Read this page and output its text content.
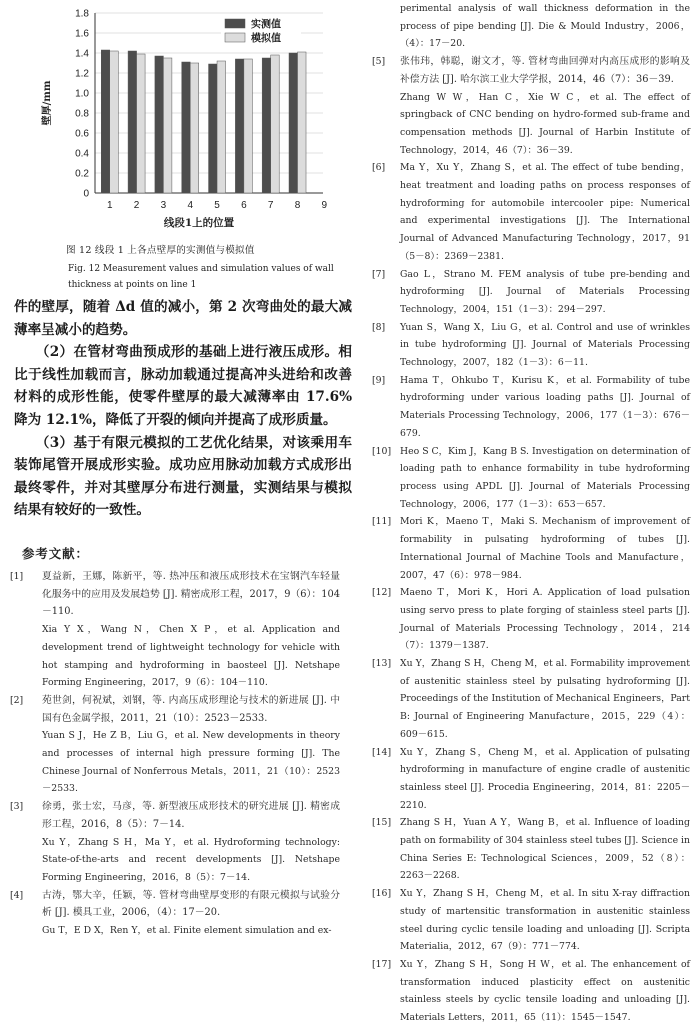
0
0.2
0.4
0.6
0.8
1.0
1.2
1.4
1.6
1.8
1 2 3 4 5 6 7 8 9
线段1上的位置
壁厚/mm
实测值
模拟值
图 12 线段 1 上各点壁厚的实测值与模拟值
Fig. 12 Measurement values and simulation values of wall thickness at points on line 1

件的壁厚，随着 Δd 值的减小，第 2 次弯曲处的最大减薄率呈减小的趋势。

（2）在管材弯曲预成形的基础上进行液压成形。相比于线性加载而言，脉动加载通过提高冲头进给和改善材料的成形性能，使零件壁厚的最大减薄率由 17.6% 降为 12.1%，降低了开裂的倾向并提高了成形质量。

（3）基于有限元模拟的工艺优化结果，对该乘用车装饰尾管开展成形实验。成功应用脉动加载方式成形出最终零件，并对其壁厚分布进行测量，实测结果与模拟结果有较好的一致性。

参考文献：
[1] 夏益新，王娜，陈新平，等. 热冲压和液压成形技术在宝钢汽车轻量化服务中的应用及发展趋势 [J]. 精密成形工程，2017，9（6）：104－110.
Xia Y X，Wang N，Chen X P，et al. Application and development trend of lightweight technology for vehicle with hot stamping and hydroforming in baosteel [J]. Netshape Forming Engineering，2017，9（6）：104－110.
[2] 苑世剑，何祝斌，刘钢，等. 内高压成形理论与技术的新进展 [J]. 中国有色金属学报，2011，21（10）：2523－2533.
Yuan S J，He Z B，Liu G，et al. New developments in theory and processes of internal high pressure forming [J]. The Chinese Journal of Nonferrous Metals，2011，21（10）：2523－2533.
[3] 徐勇，张士宏，马彦，等. 新型液压成形技术的研究进展 [J]. 精密成形工程，2016，8（5）：7－14.
Xu Y，Zhang S H，Ma Y，et al. Hydroforming technology: State-of-the-arts and recent developments [J]. Netshape Forming Engineering，2016，8（5）：7－14.
[4] 古涛，鄂大辛，任颖，等. 管材弯曲壁厚变形的有限元模拟与试验分析 [J]. 模具工业，2006，（4）：17－20.
Gu T，E D X，Ren Y，et al. Finite element simulation and ex-
perimental analysis of wall thickness deformation in the process of pipe bending [J]. Die & Mould Industry，2006，（4）：17－20.
[5] 张伟玮，韩聪，谢文才，等. 管材弯曲回弹对内高压成形的影响及补偿方法 [J]. 哈尔滨工业大学学报，2014，46（7）：36－39.
Zhang W W，Han C，Xie W C，et al. The effect of springback of CNC bending on hydro-formed sub-frame and compensation methods [J]. Journal of Harbin Institute of Technology，2014，46（7）：36－39.
[6] Ma Y，Xu Y，Zhang S，et al. The effect of tube bending，heat treatment and loading paths on process responses of hydroforming for automobile intercooler pipe: Numerical and experimental investigations [J]. The International Journal of Advanced Manufacturing Technology，2017，91（5－8）：2369－2381.
[7] Gao L，Strano M. FEM analysis of tube pre-bending and hydroforming [J]. Journal of Materials Processing Technology，2004，151（1－3）：294－297.
[8] Yuan S，Wang X，Liu G，et al. Control and use of wrinkles in tube hydroforming [J]. Journal of Materials Processing Technology，2007，182（1－3）：6－11.
[9] Hama T，Ohkubo T，Kurisu K，et al. Formability of tube hydroforming under various loading paths [J]. Journal of Materials Processing Technology，2006，177（1－3）：676－679.
[10] Heo S C，Kim J，Kang B S. Investigation on determination of loading path to enhance formability in tube hydroforming process using APDL [J]. Journal of Materials Processing Technology，2006，177（1－3）：653－657.
[11] Mori K，Maeno T，Maki S. Mechanism of improvement of formability in pulsating hydroforming of tubes [J]. International Journal of Machine Tools and Manufacture，2007，47（6）：978－984.
[12] Maeno T，Mori K，Hori A. Application of load pulsation using servo press to plate forging of stainless steel parts [J]. Journal of Materials Processing Technology，2014，214（7）：1379－1387.
[13] Xu Y，Zhang S H，Cheng M，et al. Formability improvement of austenitic stainless steel by pulsating hydroforming [J]. Proceedings of the Institution of Mechanical Engineers，Part B: Journal of Engineering Manufacture，2015，229（4）：609－615.
[14] Xu Y，Zhang S，Cheng M，et al. Application of pulsating hydroforming in manufacture of engine cradle of austenitic stainless steel [J]. Procedia Engineering，2014，81：2205－2210.
[15] Zhang S H，Yuan A Y，Wang B，et al. Influence of loading path on formability of 304 stainless steel tubes [J]. Science in China Series E: Technological Sciences，2009，52（8）：2263－2268.
[16] Xu Y，Zhang S H，Cheng M，et al. In situ X-ray diffraction study of martensitic transformation in austenitic stainless steel during cyclic tensile loading and unloading [J]. Scripta Materialia，2012，67（9）：771－774.
[17] Xu Y，Zhang S H，Song H W，et al. The enhancement of transformation induced plasticity effect on austenitic stainless steels by cyclic tensile loading and unloading [J]. Materials Letters，2011，65（11）：1545－1547.
